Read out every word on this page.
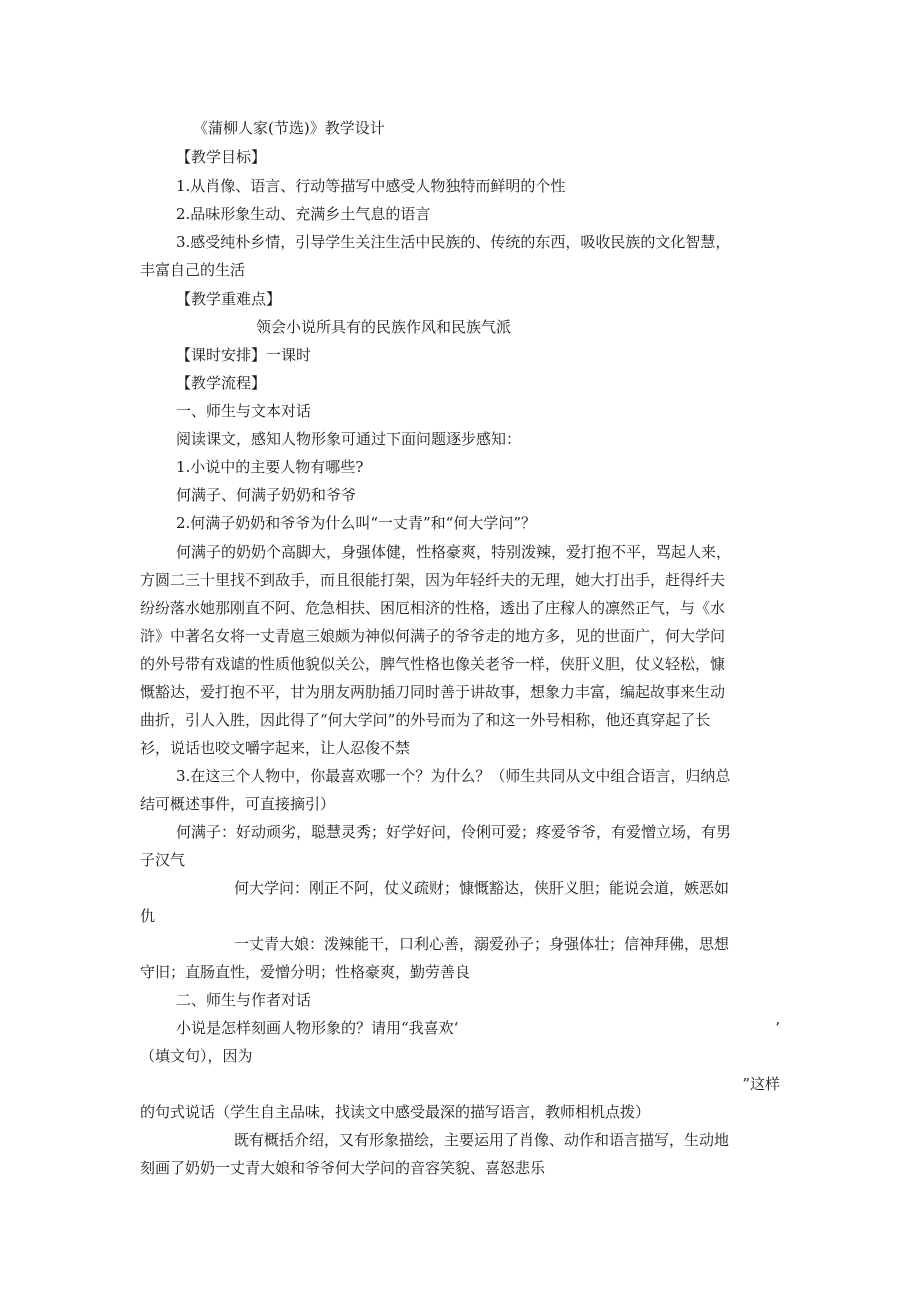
《蒲柳人家(节选)》教学设计
【教学目标】
1.从肖像、语言、行动等描写中感受人物独特而鲜明的个性
2.品味形象生动、充满乡土气息的语言
3.感受纯朴乡情，引导学生关注生活中民族的、传统的东西，吸收民族的文化智慧，
丰富自己的生活
【教学重难点】
领会小说所具有的民族作风和民族气派
【课时安排】一课时
【教学流程】
一、师生与文本对话
阅读课文，感知人物形象可通过下面问题逐步感知：
1.小说中的主要人物有哪些?
何满子、何满子奶奶和爷爷
2.何满子奶奶和爷爷为什么叫“一丈青”和“何大学问”？
何满子的奶奶个高脚大，身强体健，性格豪爽，特别泼辣，爱打抱不平，骂起人来，
方圆二三十里找不到敌手，而且很能打架，因为年轻纤夫的无理，她大打出手，赶得纤夫
纷纷落水她那刚直不阿、危急相扶、困厄相济的性格，透出了庄稼人的凛然正气，与《水
浒》中著名女将一丈青扈三娘颇为神似何满子的爷爷走的地方多，见的世面广，何大学问
的外号带有戏谑的性质他貌似关公，脾气性格也像关老爷一样，侠肝义胆，仗义轻松，慷
慨豁达，爱打抱不平，甘为朋友两肋插刀同时善于讲故事，想象力丰富，编起故事来生动
曲折，引人入胜，因此得了“何大学问”的外号而为了和这一外号相称，他还真穿起了长
衫，说话也咬文嚼字起来，让人忍俊不禁
3.在这三个人物中，你最喜欢哪一个？为什么？（师生共同从文中组合语言，归纳总
结可概述事件，可直接摘引）
何满子：好动顽劣，聪慧灵秀；好学好问，伶俐可爱；疼爱爷爷，有爱憎立场，有男
子汉气
何大学问：刚正不阿，仗义疏财；慷慨豁达，侠肝义胆；能说会道，嫉恶如
仇
一丈青大娘：泼辣能干，口利心善，溺爱孙子；身强体壮；信神拜佛，思想
守旧；直肠直性，爱憎分明；性格豪爽，勤劳善良
二、师生与作者对话
小说是怎样刻画人物形象的？请用“我喜欢‘	’
（填文句），因为
”这样
的句式说话（学生自主品味，找读文中感受最深的描写语言，教师相机点拨）
既有概括介绍，又有形象描绘，主要运用了肖像、动作和语言描写，生动地
刻画了奶奶一丈青大娘和爷爷何大学问的音容笑貌、喜怒悲乐
